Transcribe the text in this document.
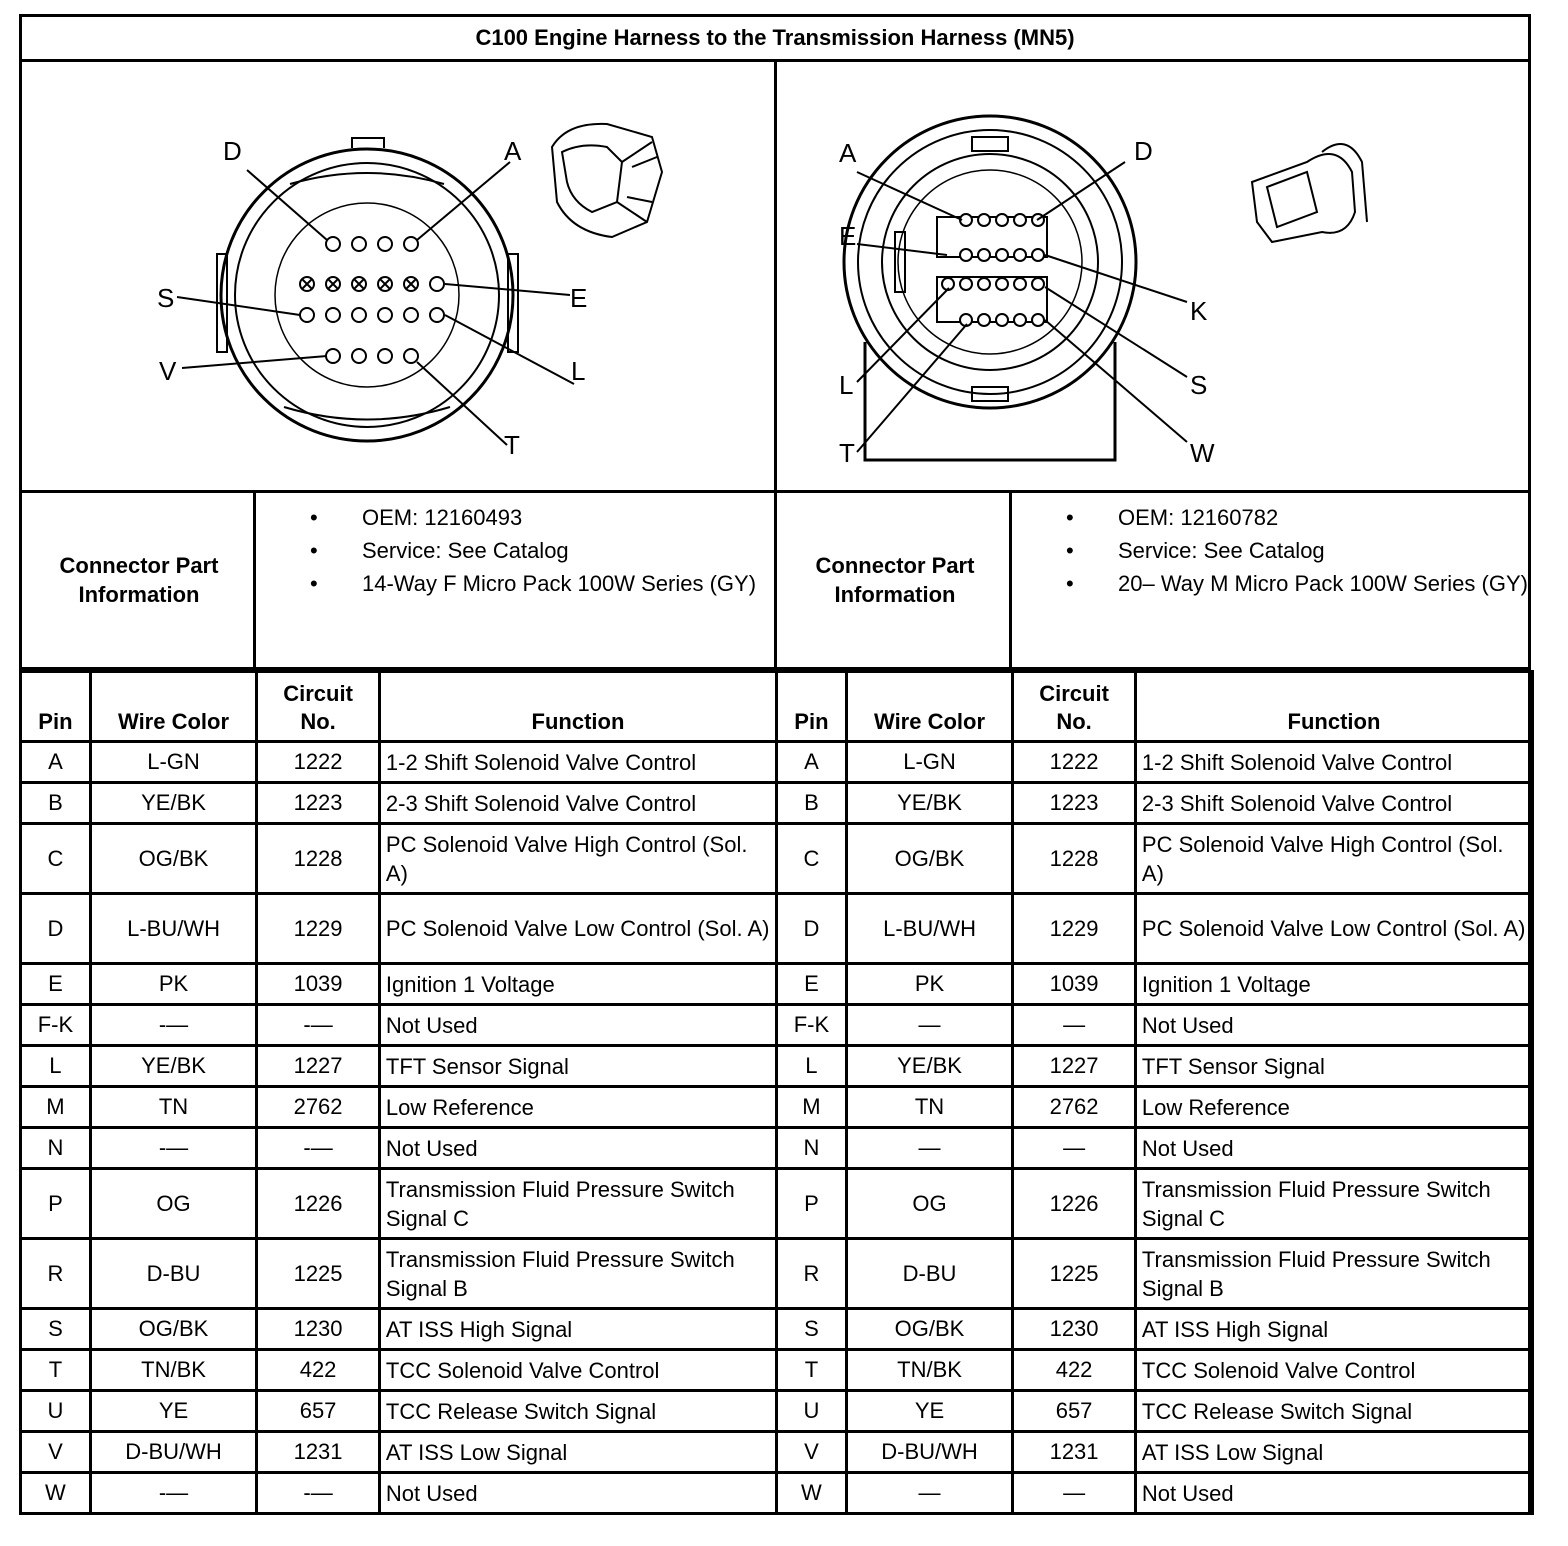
C100 Engine Harness to the Transmission Harness (MN5)
D	A
S	E
V	L
T
A	D
E
K
L	S
T	W
Connector Part Information
• OEM: 12160493
• Service: See Catalog
• 14-Way F Micro Pack 100W Series (GY)
Connector Part Information
• OEM: 12160782
• Service: See Catalog
• 20– Way M Micro Pack 100W Series (GY)
Pin	Wire Color	Circuit No.	Function
A	L-GN	1222	1-2 Shift Solenoid Valve Control
B	YE/BK	1223	2-3 Shift Solenoid Valve Control
C	OG/BK	1228	PC Solenoid Valve High Control (Sol. A)
D	L-BU/WH	1229	PC Solenoid Valve Low Control (Sol. A)
E	PK	1039	Ignition 1 Voltage
F-K	-—	-—	Not Used
L	YE/BK	1227	TFT Sensor Signal
M	TN	2762	Low Reference
N	-—	-—	Not Used
P	OG	1226	Transmission Fluid Pressure Switch Signal C
R	D-BU	1225	Transmission Fluid Pressure Switch Signal B
S	OG/BK	1230	AT ISS High Signal
T	TN/BK	422	TCC Solenoid Valve Control
U	YE	657	TCC Release Switch Signal
V	D-BU/WH	1231	AT ISS Low Signal
W	-—	-—	Not Used
Pin	Wire Color	Circuit No.	Function
A	L-GN	1222	1-2 Shift Solenoid Valve Control
B	YE/BK	1223	2-3 Shift Solenoid Valve Control
C	OG/BK	1228	PC Solenoid Valve High Control (Sol. A)
D	L-BU/WH	1229	PC Solenoid Valve Low Control (Sol. A)
E	PK	1039	Ignition 1 Voltage
F-K	—	—	Not Used
L	YE/BK	1227	TFT Sensor Signal
M	TN	2762	Low Reference
N	—	—	Not Used
P	OG	1226	Transmission Fluid Pressure Switch Signal C
R	D-BU	1225	Transmission Fluid Pressure Switch Signal B
S	OG/BK	1230	AT ISS High Signal
T	TN/BK	422	TCC Solenoid Valve Control
U	YE	657	TCC Release Switch Signal
V	D-BU/WH	1231	AT ISS Low Signal
W	—	—	Not Used
